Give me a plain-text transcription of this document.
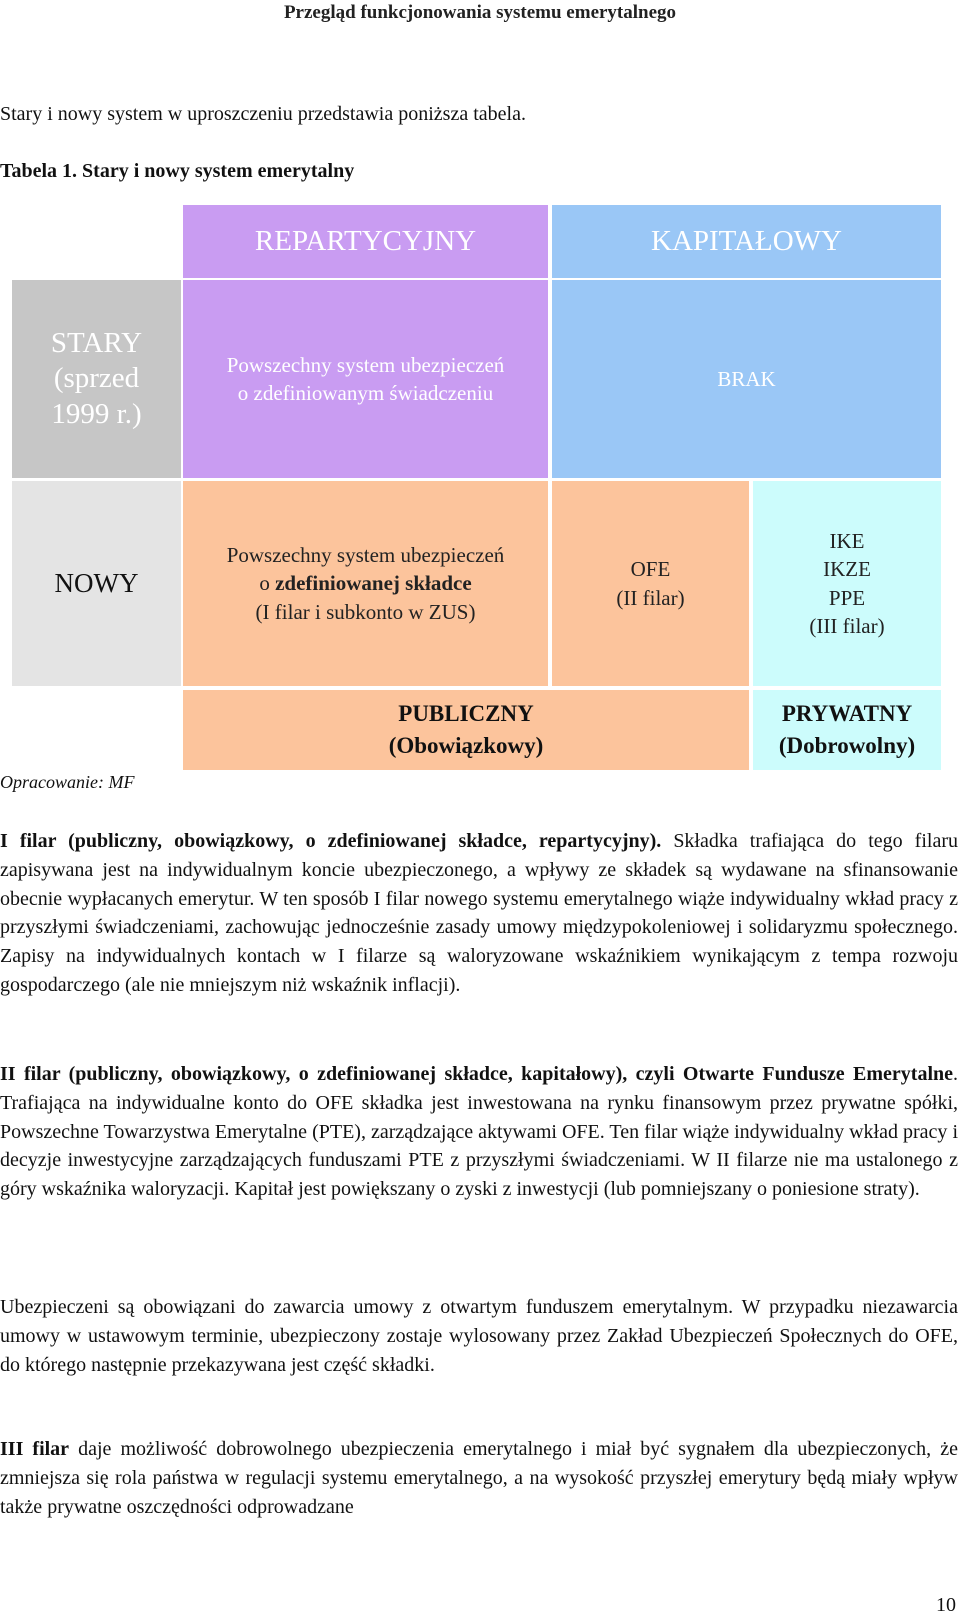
Przegląd funkcjonowania systemu emerytalnego
Stary i nowy system w uproszczeniu przedstawia poniższa tabela.
Tabela 1. Stary i nowy system emerytalny
REPARTYCYJNY	KAPITAŁOWY
STARY
(sprzed
1999 r.)
Powszechny system ubezpieczeń
o zdefiniowanym świadczeniu
BRAK
NOWY
Powszechny system ubezpieczeń
o zdefiniowanej składce
(I filar i subkonto w ZUS)
OFE
(II filar)
IKE
IKZE
PPE
(III filar)
PUBLICZNY
(Obowiązkowy)
PRYWATNY
(Dobrowolny)
Opracowanie: MF
I filar (publiczny, obowiązkowy, o zdefiniowanej składce, repartycyjny). Składka trafiająca do tego filaru zapisywana jest na indywidualnym koncie ubezpieczonego, a wpływy ze składek są wydawane na sfinansowanie obecnie wypłacanych emerytur. W ten sposób I filar nowego systemu emerytalnego wiąże indywidualny wkład pracy z przyszłymi świadczeniami, zachowując jednocześnie zasady umowy międzypokoleniowej i solidaryzmu społecznego. Zapisy na indywidualnych kontach w I filarze są waloryzowane wskaźnikiem wynikającym z tempa rozwoju gospodarczego (ale nie mniejszym niż wskaźnik inflacji).
II filar (publiczny, obowiązkowy, o zdefiniowanej składce, kapitałowy), czyli Otwarte Fundusze Emerytalne. Trafiająca na indywidualne konto do OFE składka jest inwestowana na rynku finansowym przez prywatne spółki, Powszechne Towarzystwa Emerytalne (PTE), zarządzające aktywami OFE. Ten filar wiąże indywidualny wkład pracy i decyzje inwestycyjne zarządzających funduszami PTE z przyszłymi świadczeniami. W II filarze nie ma ustalonego z góry wskaźnika waloryzacji. Kapitał jest powiększany o zyski z inwestycji (lub pomniejszany o poniesione straty).
Ubezpieczeni są obowiązani do zawarcia umowy z otwartym funduszem emerytalnym. W przypadku niezawarcia umowy w ustawowym terminie, ubezpieczony zostaje wylosowany przez Zakład Ubezpieczeń Społecznych do OFE, do którego następnie przekazywana jest część składki.
III filar daje możliwość dobrowolnego ubezpieczenia emerytalnego i miał być sygnałem dla ubezpieczonych, że zmniejsza się rola państwa w regulacji systemu emerytalnego, a na wysokość przyszłej emerytury będą miały wpływ także prywatne oszczędności odprowadzane
10
